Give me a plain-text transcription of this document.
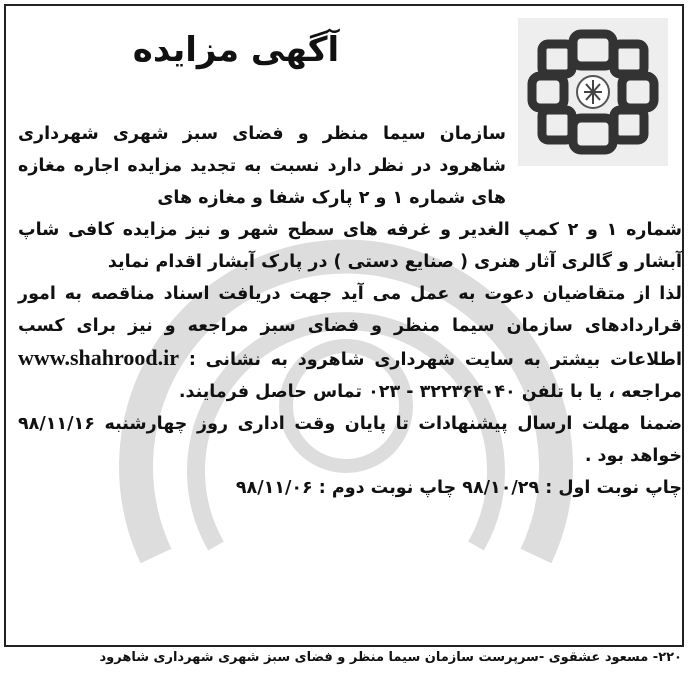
آگهی مزایده

سازمان سیما منظر و فضای سبز شهری شهرداری شاهرود در نظر دارد نسبت به تجدید مزایده اجاره مغازه های شماره ۱ و ۲ پارک شفا و مغازه های

شماره ۱ و ۲ کمپ الغدیر و غرفه های سطح شهر و نیز مزایده کافی شاپ آبشار و گالری آثار هنری ( صنایع دستی ) در پارک آبشار اقدام نماید
لذا از متقاضیان دعوت به عمل می آید جهت دریافت اسناد مناقصه به امور قراردادهای سازمان سیما منظر و فضای سبز مراجعه و نیز برای کسب اطلاعات بیشتر به سایت شهرداری شاهرود به نشانی : www.shahrood.ir مراجعه ، یا با تلفن ۳۲۲۳۶۴۰۴۰ - ۰۲۳ تماس حاصل فرمایند.
ضمنا مهلت ارسال پیشنهادات تا پایان وقت اداری روز چهارشنبه ۹۸/۱۱/۱۶ خواهد بود .
چاپ نوبت اول : ۹۸/۱۰/۲۹ چاپ نوبت دوم : ۹۸/۱۱/۰۶
۲۲۰- مسعود عشقوی -سرپرست سازمان سیما منظر و فضای سبز شهری شهرداری شاهرود
